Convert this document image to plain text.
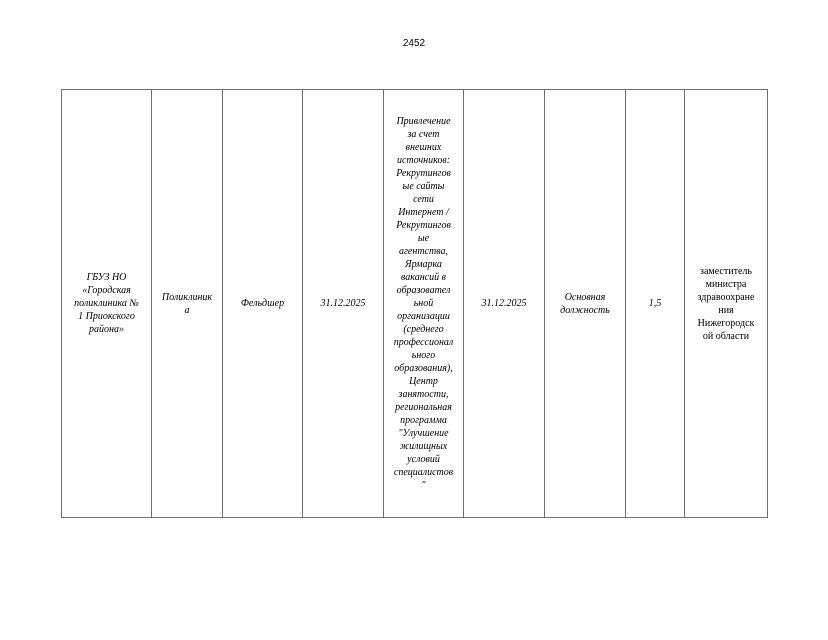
2452
ГБУЗ НО
«Городская
поликлиника №
1 Приокского
района»	Поликлиник
а	Фельдшер	31.12.2025	Привлечение
за счет
внешних
источников:
Рекрутингов
ые сайты
сети
Интернет /
Рекрутингов
ые
агентства,
Ярмарка
вакансий в
образовател
ьной
организации
(среднего
профессионал
ьного
образования),
Центр
занятости,
региональная
программа
"Улучшение
жилищных
условий
специалистов
"	31.12.2025	Основная
должность	1,5	заместитель
министра
здравоохране
ния
Нижегородск
ой области
